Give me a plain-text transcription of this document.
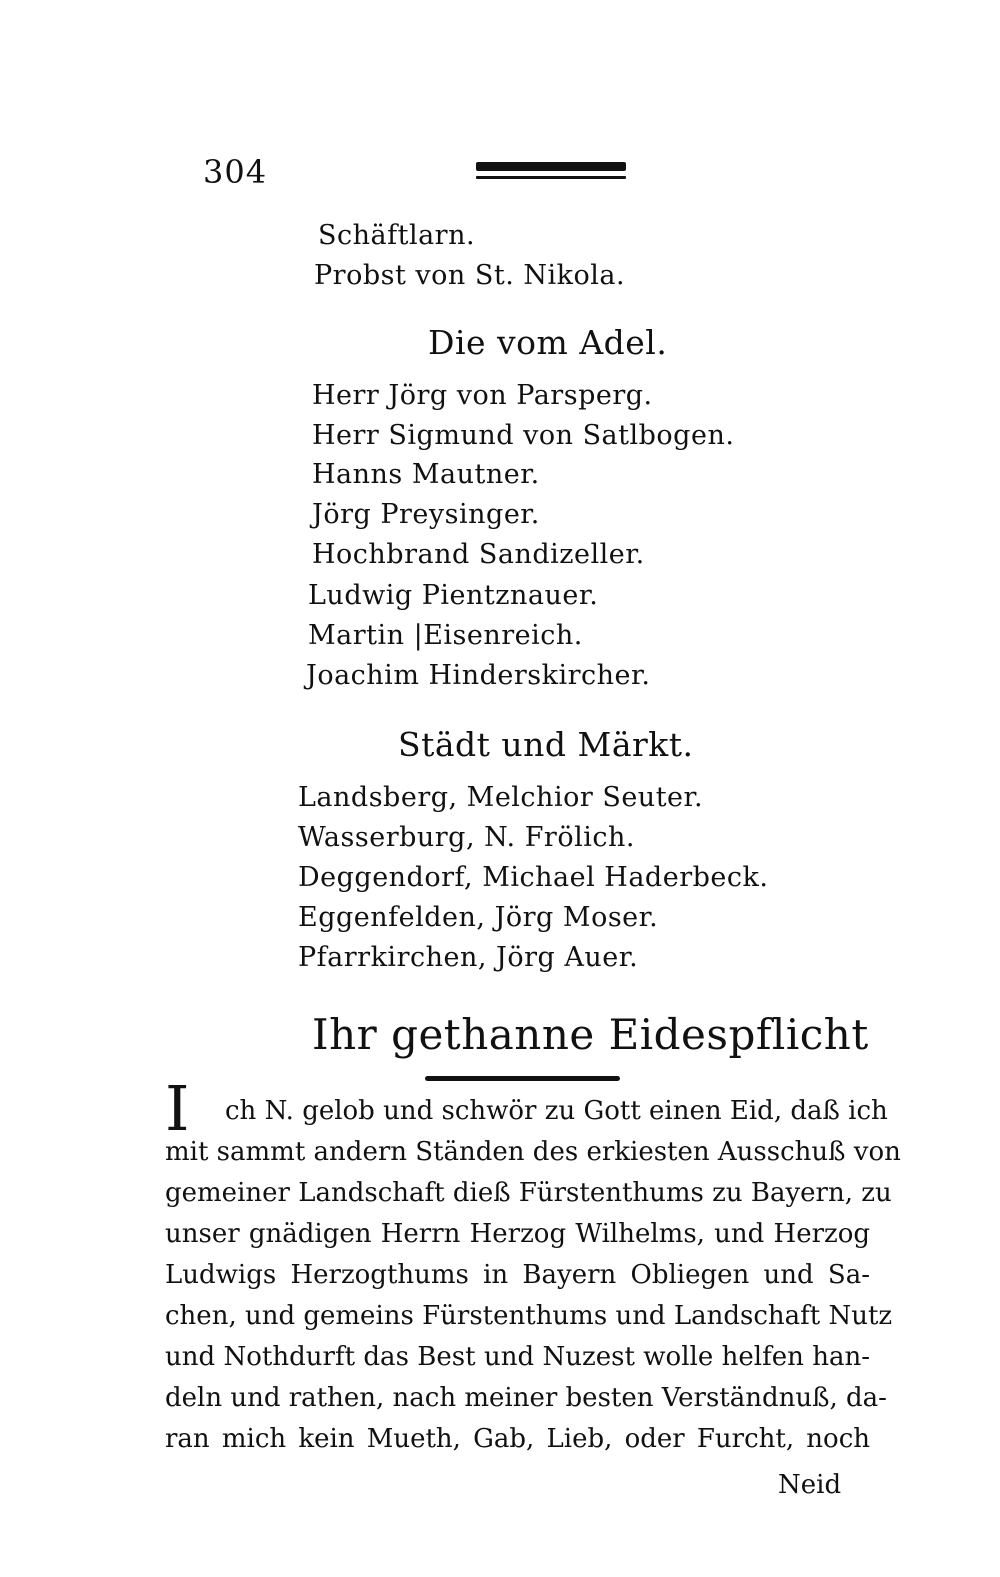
304
Schäftlarn.
Probst von St. Nikola.
Die vom Adel.
Herr Jörg von Parsperg.
Herr Sigmund von Satlbogen.
Hanns Mautner.
Jörg Preysinger.
Hochbrand Sandizeller.
Ludwig Pientznauer.
Martin |Eisenreich.
Joachim Hinderskircher.
Städt und Märkt.
Landsberg, Melchior Seuter.
Wasserburg, N. Frölich.
Deggendorf, Michael Haderbeck.
Eggenfelden, Jörg Moser.
Pfarrkirchen, Jörg Auer.
Ihr gethanne Eidespflicht
I ch N. gelob und schwör zu Gott einen Eid, daß ich
mit sammt andern Ständen des erkiesten Ausschuß von
gemeiner Landschaft dieß Fürstenthums zu Bayern, zu
unser gnädigen Herrn Herzog Wilhelms, und Herzog
Ludwigs Herzogthums in Bayern Obliegen und Sa-
chen, und gemeins Fürstenthums und Landschaft Nutz
und Nothdurft das Best und Nuzest wolle helfen han-
deln und rathen, nach meiner besten Verständnuß, da-
ran mich kein Mueth, Gab, Lieb, oder Furcht, noch
Neid
